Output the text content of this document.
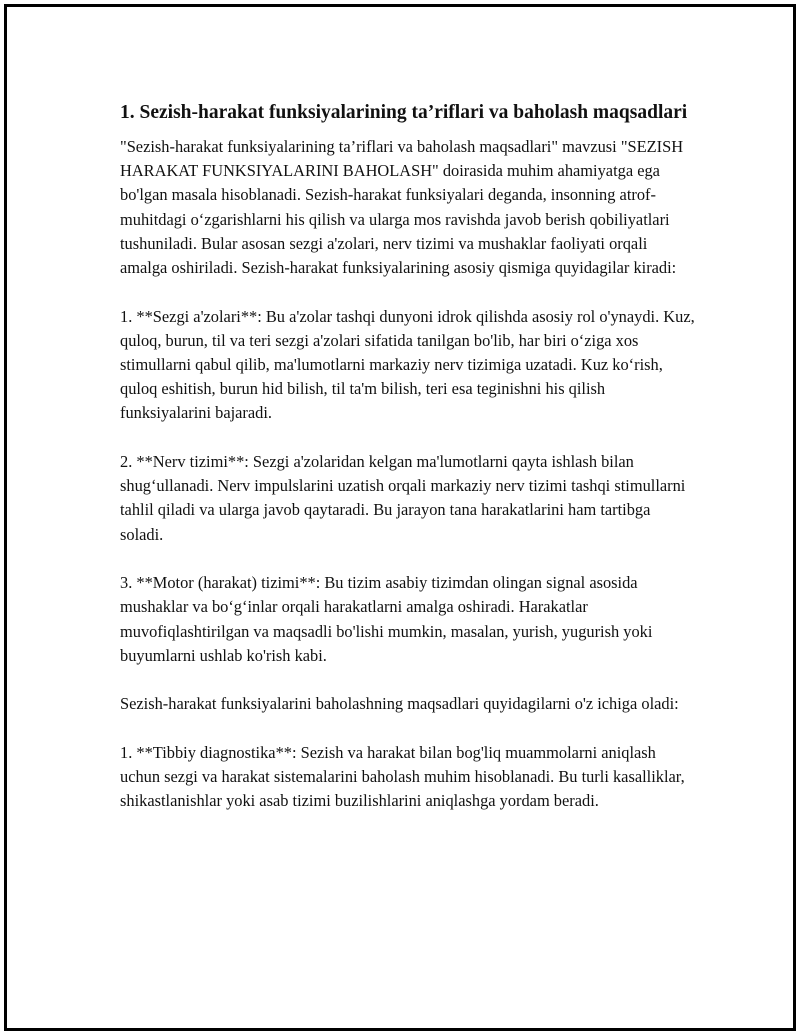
1. Sezish-harakat funksiyalarining ta’riflari va baholash maqsadlari

"Sezish-harakat funksiyalarining ta’riflari va baholash maqsadlari" mavzusi "SEZISH HARAKAT FUNKSIYALARINI BAHOLASH" doirasida muhim ahamiyatga ega bo'lgan masala hisoblanadi. Sezish-harakat funksiyalari deganda, insonning atrof-muhitdagi o‘zgarishlarni his qilish va ularga mos ravishda javob berish qobiliyatlari tushuniladi. Bular asosan sezgi a'zolari, nerv tizimi va mushaklar faoliyati orqali amalga oshiriladi. Sezish-harakat funksiyalarining asosiy qismiga quyidagilar kiradi:

1. **Sezgi a'zolari**: Bu a'zolar tashqi dunyoni idrok qilishda asosiy rol o'ynaydi. Kuz, quloq, burun, til va teri sezgi a'zolari sifatida tanilgan bo'lib, har biri o‘ziga xos stimullarni qabul qilib, ma'lumotlarni markaziy nerv tizimiga uzatadi. Kuz ko‘rish, quloq eshitish, burun hid bilish, til ta'm bilish, teri esa teginishni his qilish funksiyalarini bajaradi.

2. **Nerv tizimi**: Sezgi a'zolaridan kelgan ma'lumotlarni qayta ishlash bilan shug‘ullanadi. Nerv impulslarini uzatish orqali markaziy nerv tizimi tashqi stimullarni tahlil qiladi va ularga javob qaytaradi. Bu jarayon tana harakatlarini ham tartibga soladi.

3. **Motor (harakat) tizimi**: Bu tizim asabiy tizimdan olingan signal asosida mushaklar va bo‘g‘inlar orqali harakatlarni amalga oshiradi. Harakatlar muvofiqlashtirilgan va maqsadli bo'lishi mumkin, masalan, yurish, yugurish yoki buyumlarni ushlab ko'rish kabi.

Sezish-harakat funksiyalarini baholashning maqsadlari quyidagilarni o'z ichiga oladi:

1. **Tibbiy diagnostika**: Sezish va harakat bilan bog'liq muammolarni aniqlash uchun sezgi va harakat sistemalarini baholash muhim hisoblanadi. Bu turli kasalliklar, shikastlanishlar yoki asab tizimi buzilishlarini aniqlashga yordam beradi.
